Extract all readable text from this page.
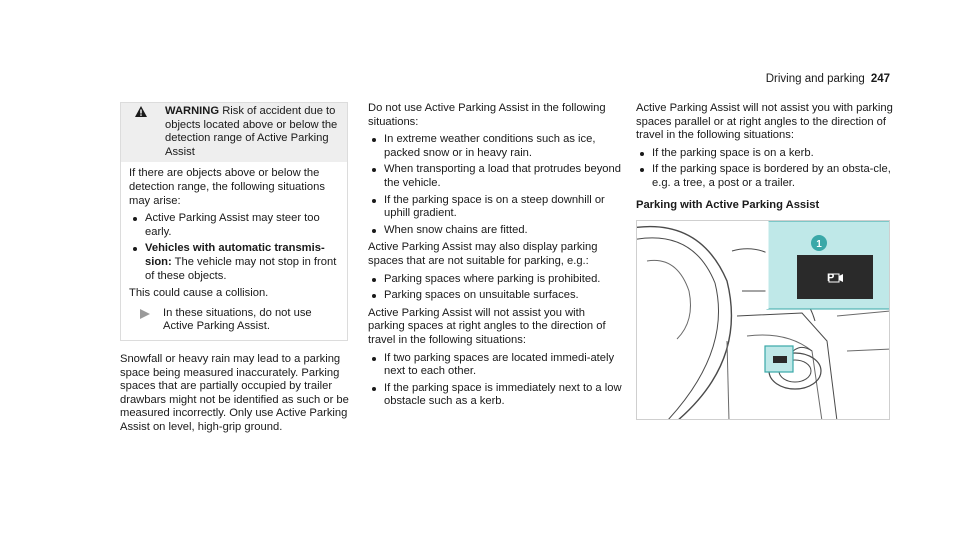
Driving and parking 247
WARNING Risk of accident due to objects located above or below the detection range of Active Parking Assist

If there are objects above or below the detection range, the following situations may arise:

Active Parking Assist may steer too early.
Vehicles with automatic transmis-sion: The vehicle may not stop in front of these objects.

This could cause a collision.

In these situations, do not use Active Parking Assist.

Snowfall or heavy rain may lead to a parking space being measured inaccurately. Parking spaces that are partially occupied by trailer drawbars might not be identified as such or be measured incorrectly. Only use Active Parking Assist on level, high-grip ground.

Do not use Active Parking Assist in the following situations:

In extreme weather conditions such as ice, packed snow or in heavy rain.
When transporting a load that protrudes beyond the vehicle.
If the parking space is on a steep downhill or uphill gradient.
When snow chains are fitted.

Active Parking Assist may also display parking spaces that are not suitable for parking, e.g.:

Parking spaces where parking is prohibited.
Parking spaces on unsuitable surfaces.

Active Parking Assist will not assist you with parking spaces at right angles to the direction of travel in the following situations:

If two parking spaces are located immedi-ately next to each other.
If the parking space is immediately next to a low obstacle such as a kerb.

Active Parking Assist will not assist you with parking spaces parallel or at right angles to the direction of travel in the following situations:

If the parking space is on a kerb.
If the parking space is bordered by an obsta-cle, e.g. a tree, a post or a trailer.
Parking with Active Parking Assist
P
1
